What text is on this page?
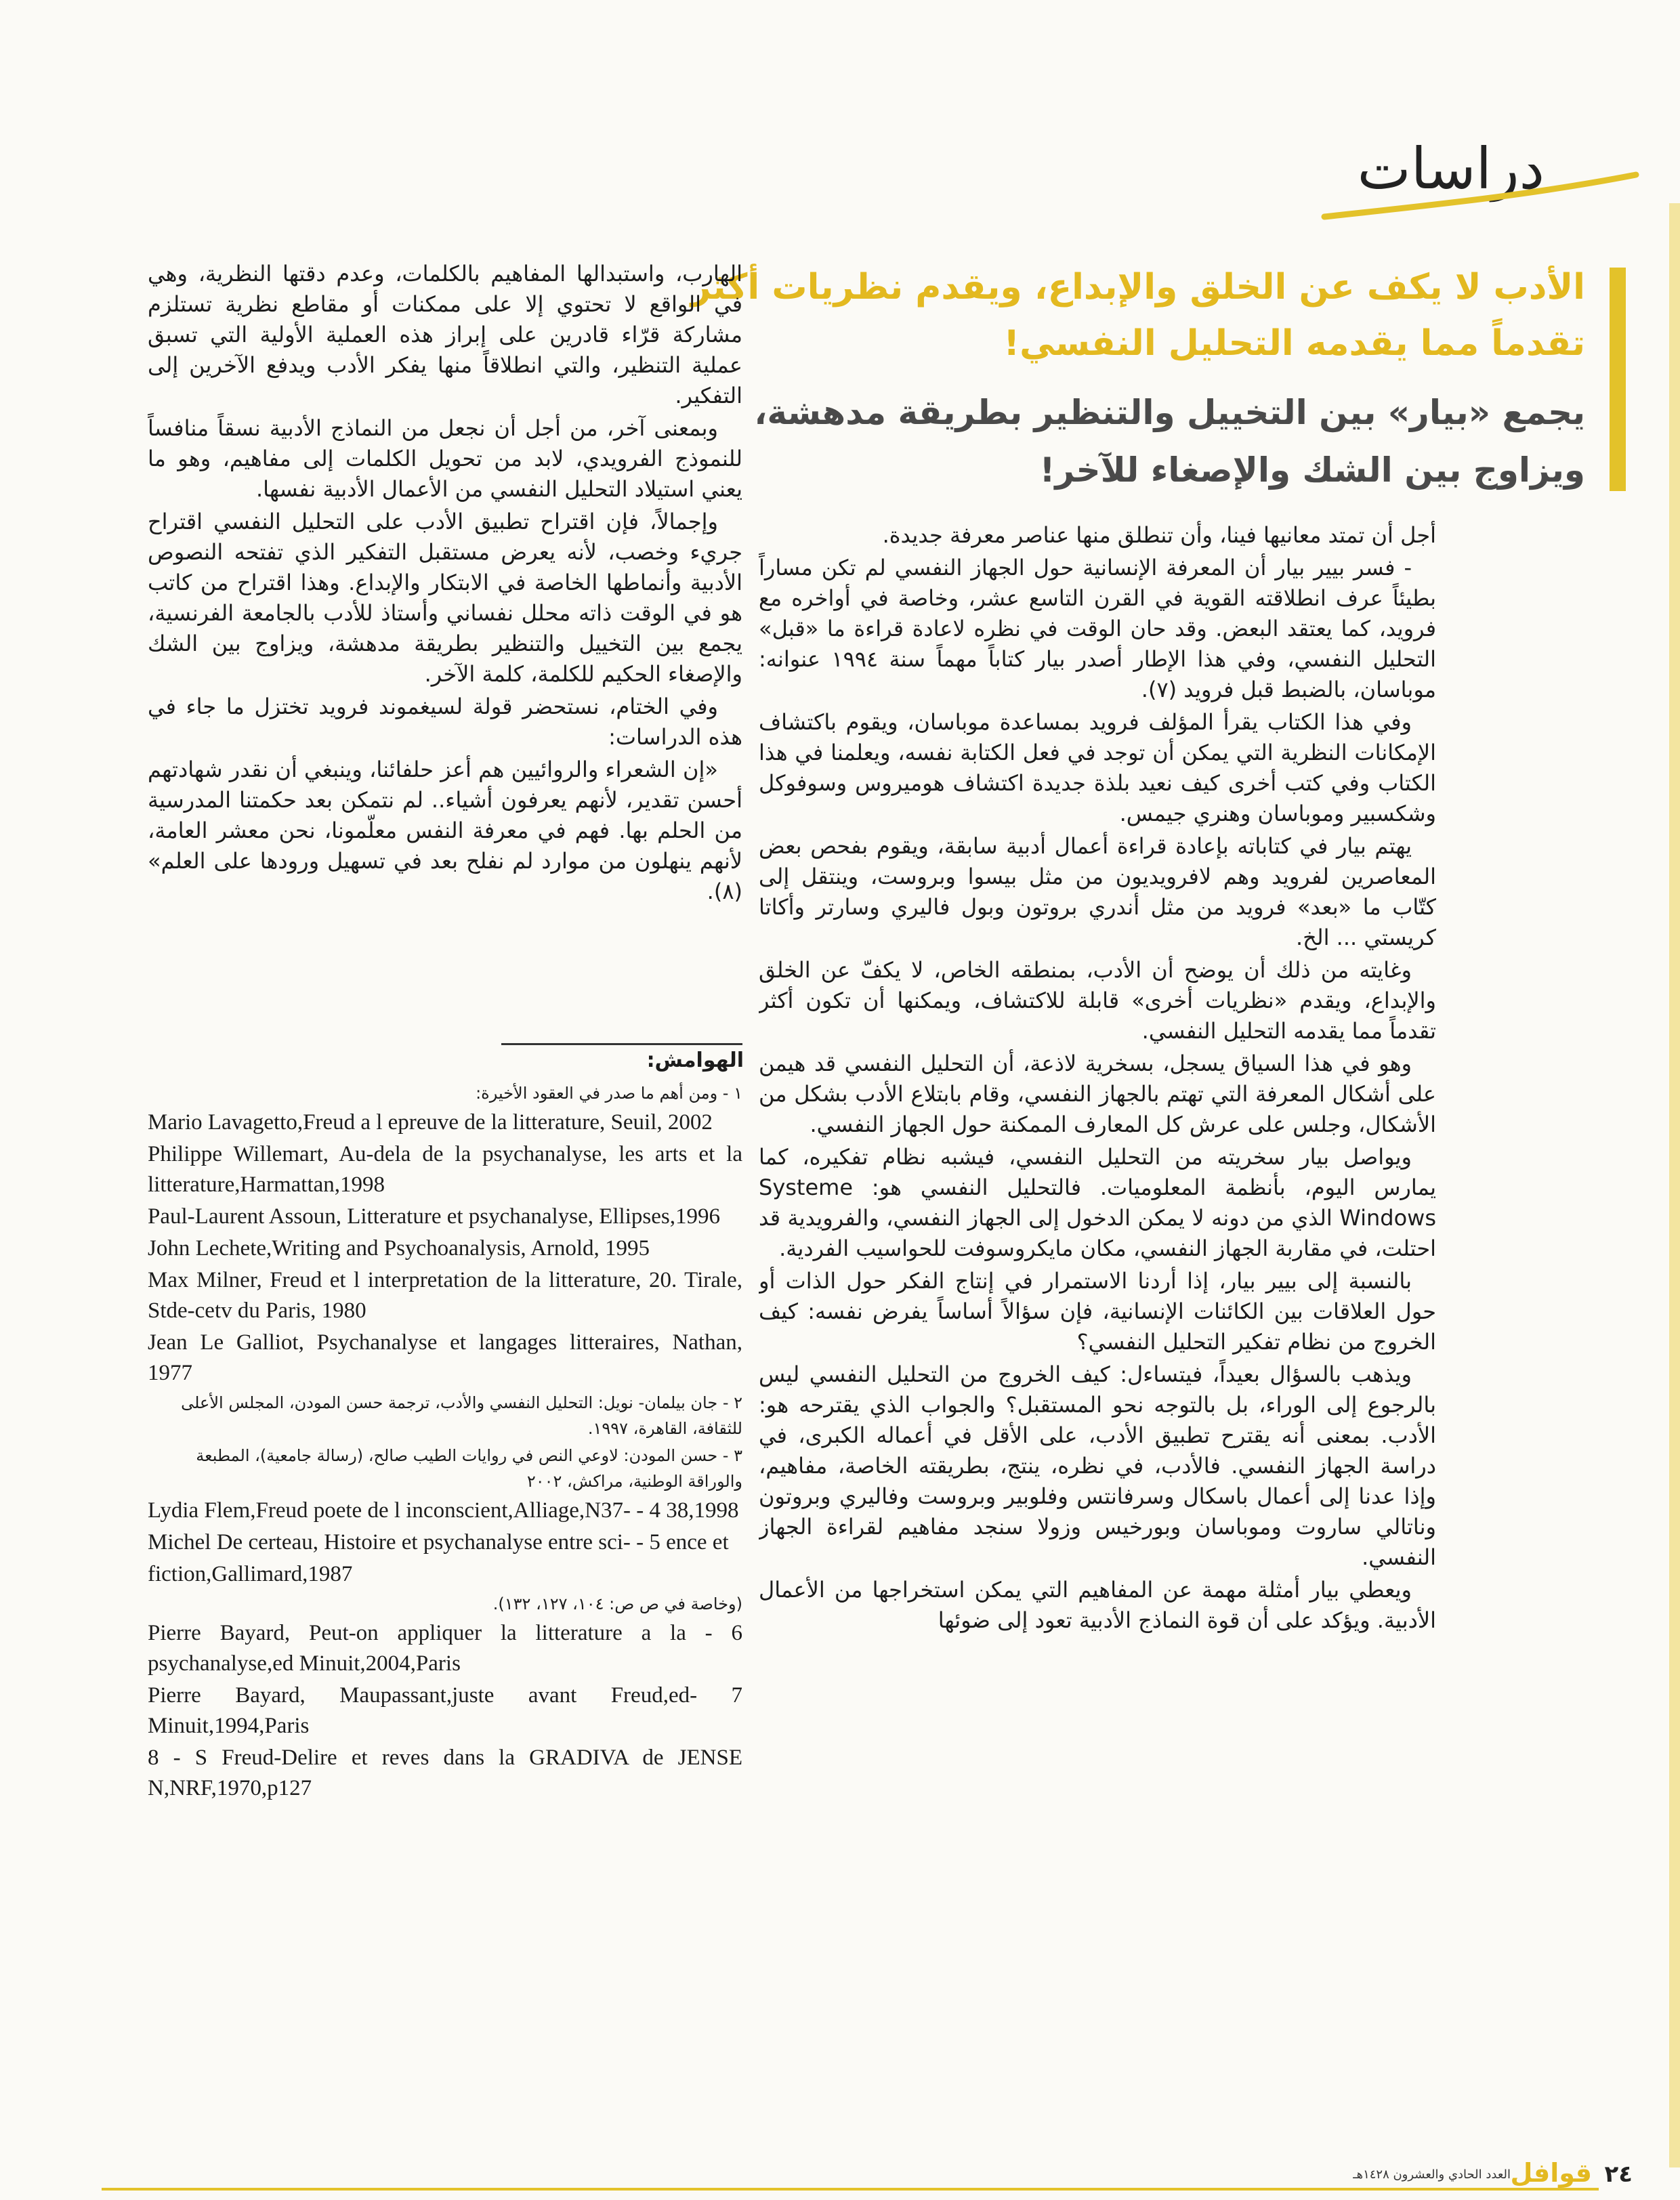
دراسات
الأدب لا يكف عن الخلق والإبداع، ويقدم نظريات أكثر
تقدماً مما يقدمه التحليل النفسي!
يجمع «بيار» بين التخييل والتنظير بطريقة مدهشة،
ويزاوج بين الشك والإصغاء للآخر!

أجل أن تمتد معانيها فينا، وأن تنطلق منها عناصر معرفة جديدة.

- فسر بيير بيار أن المعرفة الإنسانية حول الجهاز النفسي لم تكن مساراً بطيئاً عرف انطلاقته القوية في القرن التاسع عشر، وخاصة في أواخره مع فرويد، كما يعتقد البعض. وقد حان الوقت في نظره لاعادة قراءة ما «قبل» التحليل النفسي، وفي هذا الإطار أصدر بيار كتاباً مهماً سنة ١٩٩٤ عنوانه: موباسان، بالضبط قبل فرويد (٧).

وفي هذا الكتاب يقرأ المؤلف فرويد بمساعدة موباسان، ويقوم باكتشاف الإمكانات النظرية التي يمكن أن توجد في فعل الكتابة نفسه، ويعلمنا في هذا الكتاب وفي كتب أخرى كيف نعيد بلذة جديدة اكتشاف هوميروس وسوفوكل وشكسبير وموباسان وهنري جيمس.

يهتم بيار في كتاباته بإعادة قراءة أعمال أدبية سابقة، ويقوم بفحص بعض المعاصرين لفرويد وهم لافرويديون من مثل بيسوا وبروست، وينتقل إلى كتّاب ما «بعد» فرويد من مثل أندري بروتون وبول فاليري وسارتر وأكاتا كريستي ... الخ.

وغايته من ذلك أن يوضح أن الأدب، بمنطقه الخاص، لا يكفّ عن الخلق والإبداع، ويقدم «نظريات أخرى» قابلة للاكتشاف، ويمكنها أن تكون أكثر تقدماً مما يقدمه التحليل النفسي.

وهو في هذا السياق يسجل، بسخرية لاذعة، أن التحليل النفسي قد هيمن على أشكال المعرفة التي تهتم بالجهاز النفسي، وقام بابتلاع الأدب بشكل من الأشكال، وجلس على عرش كل المعارف الممكنة حول الجهاز النفسي.

ويواصل بيار سخريته من التحليل النفسي، فيشبه نظام تفكيره، كما يمارس اليوم، بأنظمة المعلوميات. فالتحليل النفسي هو: Systeme Windows الذي من دونه لا يمكن الدخول إلى الجهاز النفسي، والفرويدية قد احتلت، في مقاربة الجهاز النفسي، مكان مايكروسوفت للحواسيب الفردية.

بالنسبة إلى بيير بيار، إذا أردنا الاستمرار في إنتاج الفكر حول الذات أو حول العلاقات بين الكائنات الإنسانية، فإن سؤالاً أساساً يفرض نفسه: كيف الخروج من نظام تفكير التحليل النفسي؟

ويذهب بالسؤال بعيداً، فيتساءل: كيف الخروج من التحليل النفسي ليس بالرجوع إلى الوراء، بل بالتوجه نحو المستقبل؟ والجواب الذي يقترحه هو: الأدب. بمعنى أنه يقترح تطبيق الأدب، على الأقل في أعماله الكبرى، في دراسة الجهاز النفسي. فالأدب، في نظره، ينتج، بطريقته الخاصة، مفاهيم، وإذا عدنا إلى أعمال باسكال وسرفانتس وفلوبير وبروست وفاليري وبروتون وناتالي ساروت وموباسان وبورخيس وزولا سنجد مفاهيم لقراءة الجهاز النفسي.

ويعطي بيار أمثلة مهمة عن المفاهيم التي يمكن استخراجها من الأعمال الأدبية. ويؤكد على أن قوة النماذج الأدبية تعود إلى ضوئها

الهارب، واستبدالها المفاهيم بالكلمات، وعدم دقتها النظرية، وهي في الواقع لا تحتوي إلا على ممكنات أو مقاطع نظرية تستلزم مشاركة قرّاء قادرين على إبراز هذه العملية الأولية التي تسبق عملية التنظير، والتي انطلاقاً منها يفكر الأدب ويدفع الآخرين إلى التفكير.

وبمعنى آخر، من أجل أن نجعل من النماذج الأدبية نسقاً منافساً للنموذج الفرويدي، لابد من تحويل الكلمات إلى مفاهيم، وهو ما يعني استيلاد التحليل النفسي من الأعمال الأدبية نفسها.

وإجمالاً، فإن اقتراح تطبيق الأدب على التحليل النفسي اقتراح جريء وخصب، لأنه يعرض مستقبل التفكير الذي تفتحه النصوص الأدبية وأنماطها الخاصة في الابتكار والإبداع. وهذا اقتراح من كاتب هو في الوقت ذاته محلل نفساني وأستاذ للأدب بالجامعة الفرنسية، يجمع بين التخييل والتنظير بطريقة مدهشة، ويزاوج بين الشك والإصغاء الحكيم للكلمة، كلمة الآخر.

وفي الختام، نستحضر قولة لسيغموند فرويد تختزل ما جاء في هذه الدراسات:

«إن الشعراء والروائيين هم أعز حلفائنا، وينبغي أن نقدر شهادتهم أحسن تقدير، لأنهم يعرفون أشياء.. لم نتمكن بعد حكمتنا المدرسية من الحلم بها. فهم في معرفة النفس معلّمونا، نحن معشر العامة، لأنهم ينهلون من موارد لم نفلح بعد في تسهيل ورودها على العلم» (٨).

الهوامش:

١ - ومن أهم ما صدر في العقود الأخيرة:

Mario Lavagetto,Freud a l epreuve de la litterature, Seuil, 2002

Philippe Willemart, Au-dela de la psychanalyse, les arts et la litterature,Harmattan,1998

Paul-Laurent Assoun, Litterature et psychanalyse, Ellipses,1996

John Lechete,Writing and Psychoanalysis, Arnold, 1995

Max Milner, Freud et l interpretation de la litterature, 20. Tirale, Stde-cetv du Paris, 1980

Jean Le Galliot, Psychanalyse et langages litteraires, Nathan, 1977

٢ - جان بيلمان- نويل: التحليل النفسي والأدب، ترجمة حسن المودن، المجلس الأعلى للثقافة، القاهرة، ١٩٩٧.

٣ - حسن المودن: لاوعي النص في روايات الطيب صالح، (رسالة جامعية)، المطبعة والوراقة الوطنية، مراكش، ٢٠٠٢

Lydia Flem,Freud poete de l inconscient,Alliage,N37- - 4 38,1998

Michel De certeau, Histoire et psychanalyse entre sci- - 5 ence et

fiction,Gallimard,1987

(وخاصة في ص ص: ١٠٤، ١٢٧، ١٣٢).

Pierre Bayard, Peut-on appliquer la litterature a la - 6 psychanalyse,ed Minuit,2004,Paris

Pierre Bayard, Maupassant,juste avant Freud,ed- 7 Minuit,1994,Paris

8 - S Freud-Delire et reves dans la GRADIVA de JENSE N,NRF,1970,p127

٢٤
قوافل
العدد الحادي والعشرون ١٤٢٨هـ
